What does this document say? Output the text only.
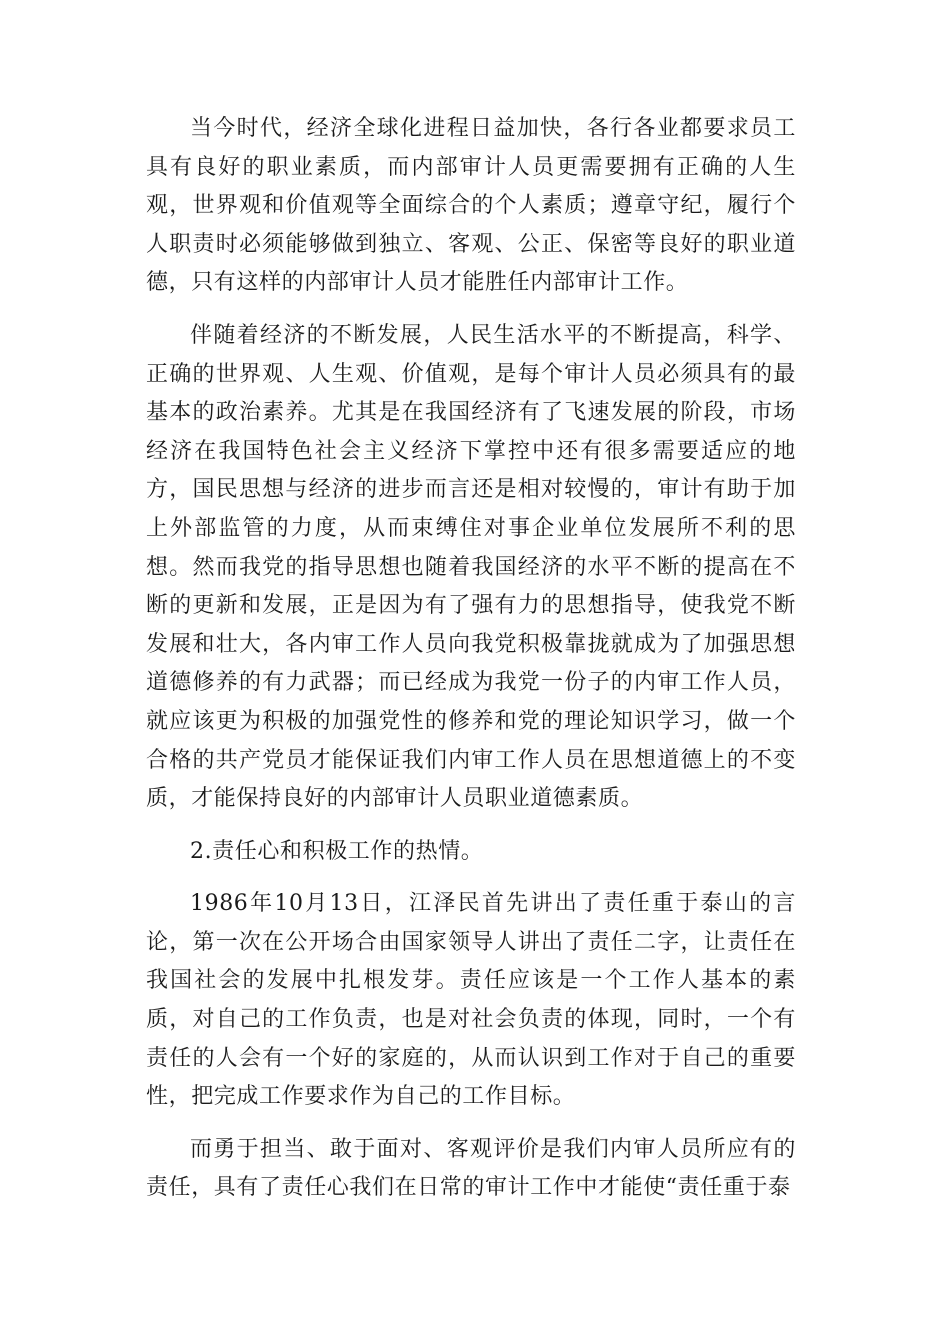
当今时代，经济全球化进程日益加快，各行各业都要求员工具有良好的职业素质，而内部审计人员更需要拥有正确的人生观，世界观和价值观等全面综合的个人素质；遵章守纪，履行个人职责时必须能够做到独立、客观、公正、保密等良好的职业道德，只有这样的内部审计人员才能胜任内部审计工作。

伴随着经济的不断发展，人民生活水平的不断提高，科学、正确的世界观、人生观、价值观，是每个审计人员必须具有的最基本的政治素养。尤其是在我国经济有了飞速发展的阶段，市场经济在我国特色社会主义经济下掌控中还有很多需要适应的地方，国民思想与经济的进步而言还是相对较慢的，审计有助于加上外部监管的力度，从而束缚住对事企业单位发展所不利的思想。然而我党的指导思想也随着我国经济的水平不断的提高在不断的更新和发展，正是因为有了强有力的思想指导，使我党不断发展和壮大，各内审工作人员向我党积极靠拢就成为了加强思想道德修养的有力武器；而已经成为我党一份子的内审工作人员，就应该更为积极的加强党性的修养和党的理论知识学习，做一个合格的共产党员才能保证我们内审工作人员在思想道德上的不变质，才能保持良好的内部审计人员职业道德素质。

2.责任心和积极工作的热情。

1986年10月13日，江泽民首先讲出了责任重于泰山的言论，第一次在公开场合由国家领导人讲出了责任二字，让责任在我国社会的发展中扎根发芽。责任应该是一个工作人基本的素质，对自己的工作负责，也是对社会负责的体现，同时，一个有责任的人会有一个好的家庭的，从而认识到工作对于自己的重要性，把完成工作要求作为自己的工作目标。

而勇于担当、敢于面对、客观评价是我们内审人员所应有的责任，具有了责任心我们在日常的审计工作中才能使“责任重于泰
